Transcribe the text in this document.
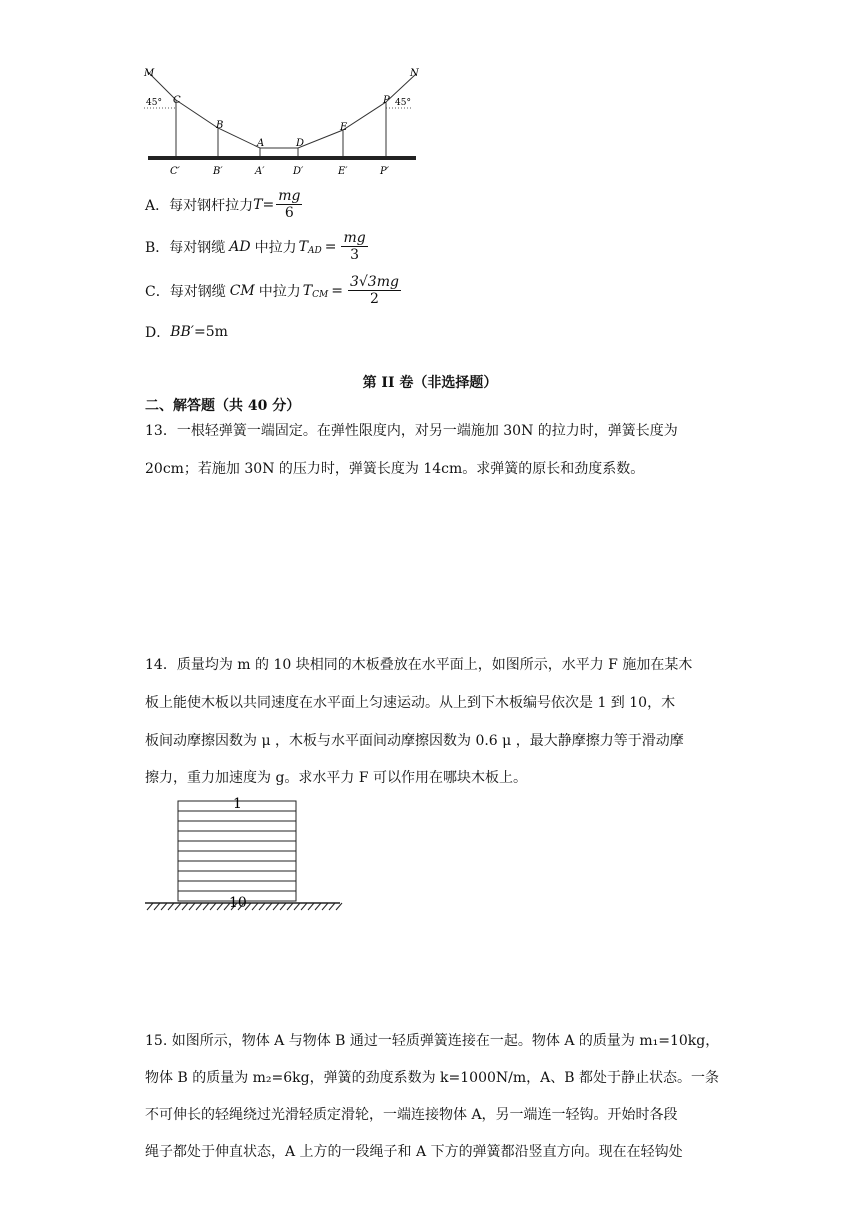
M	N
45° C	P 45°
B
A	D
E
C′	B′	A′	D′	E′	P′
A．每对钢杆拉力 $T = \frac{mg}{6}$
B．每对钢缆 AD 中拉力 T AD = $\frac{mg}{3}$
C．每对钢缆 CM 中拉力 T CM = $\frac{3√3mg}{2}$
D． BB′ =5m
第 II 卷（非选择题）
二、解答题（共 40 分）
13．一根轻弹簧一端固定。在弹性限度内，对另一端施加 30N 的拉力时，弹簧长度为
20cm；若施加 30N 的压力时，弹簧长度为 14cm。求弹簧的原长和劲度系数。
14．质量均为 m 的 10 块相同的木板叠放在水平面上，如图所示，水平力 F 施加在某木
板上能使木板以共同速度在水平面上匀速运动。从上到下木板编号依次是 1 到 10，木
板间动摩擦因数为 μ ，木板与水平面间动摩擦因数为 0.6 μ ，最大静摩擦力等于滑动摩
擦力，重力加速度为 g。求水平力 F 可以作用在哪块木板上。
1
10
15. 如图所示，物体 A 与物体 B 通过一轻质弹簧连接在一起。物体 A 的质量为 m₁=10kg，
物体 B 的质量为 m₂=6kg，弹簧的劲度系数为 k=1000N/m，A、B 都处于静止状态。一条
不可伸长的轻绳绕过光滑轻质定滑轮，一端连接物体 A，另一端连一轻钩。开始时各段
绳子都处于伸直状态，A 上方的一段绳子和 A 下方的弹簧都沿竖直方向。现在在轻钩处
